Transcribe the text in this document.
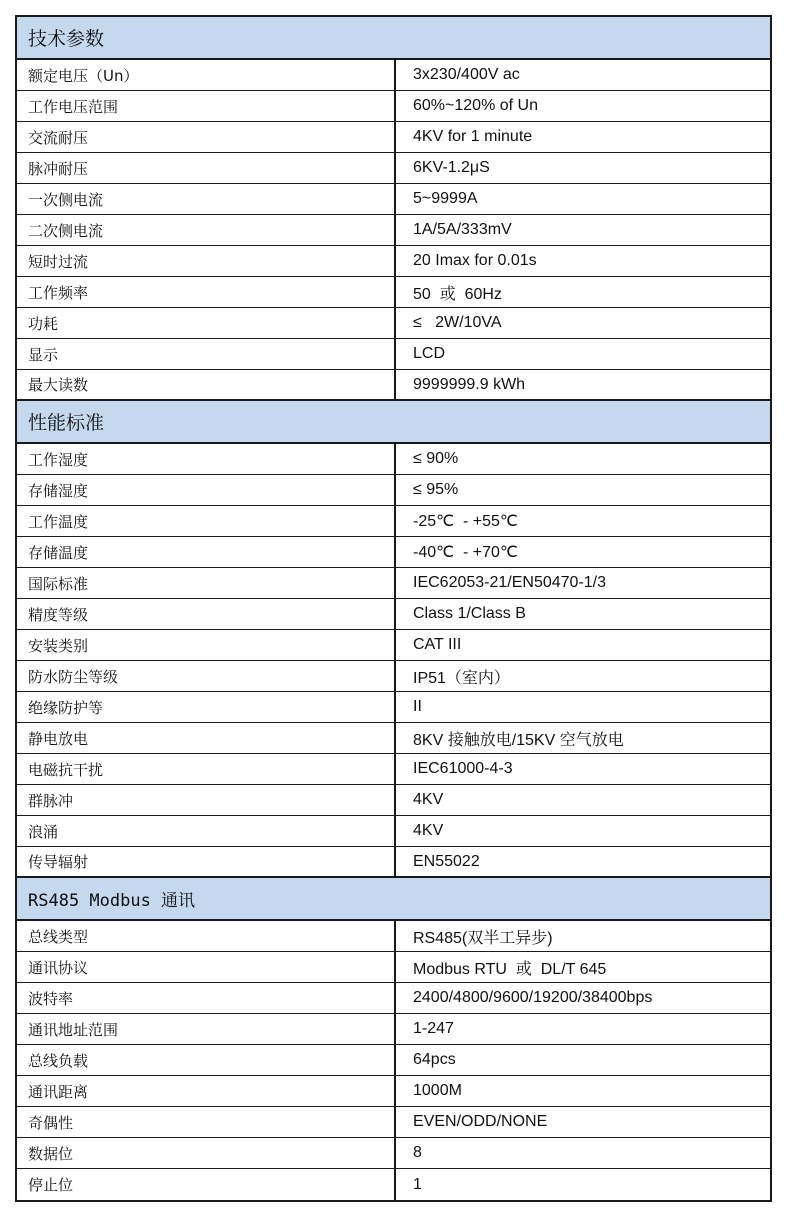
技术参数
额定电压（Un）	3x230/400V ac
工作电压范围	60%~120% of Un
交流耐压	4KV for 1 minute
脉冲耐压	6KV-1.2μS
一次侧电流	5~9999A
二次侧电流	1A/5A/333mV
短时过流	20 Imax for 0.01s
工作频率	50  或  60Hz
功耗	≤   2W/10VA
显示	LCD
最大读数	9999999.9 kWh
性能标准
工作湿度	≤ 90%
存储湿度	≤ 95%
工作温度	-25℃  - +55℃
存储温度	-40℃  - +70℃
国际标准	IEC62053-21/EN50470-1/3
精度等级	Class 1/Class B
安装类别	CAT III
防水防尘等级	IP51（室内）
绝缘防护等	II
静电放电	8KV 接触放电/15KV 空气放电
电磁抗干扰	IEC61000-4-3
群脉冲	4KV
浪涌	4KV
传导辐射	EN55022
RS485 Modbus 通讯
总线类型	RS485(双半工异步)
通讯协议	Modbus RTU  或  DL/T 645
波特率	2400/4800/9600/19200/38400bps
通讯地址范围	1-247
总线负载	64pcs
通讯距离	1000M
奇偶性	EVEN/ODD/NONE
数据位	8
停止位	1
